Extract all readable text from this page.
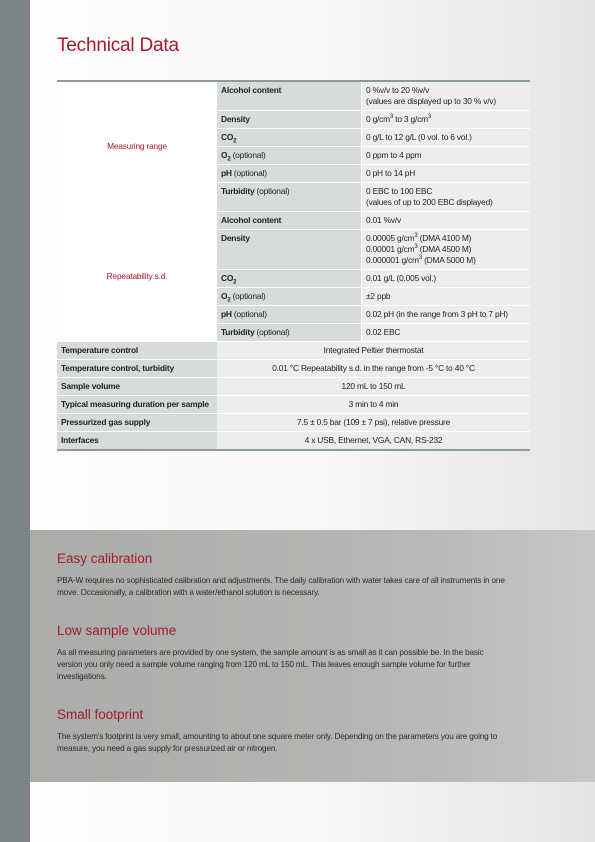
Technical Data
Measuring range	Alcohol content	0 %v/v to 20 %v/v
(values are displayed up to 30 % v/v)

	Density	0 $g/cm^3$ to 3 $g/cm^3$

	$CO_2$	0 g/L to 12 g/L (0 vol. to 6 vol.)

	$O_2$ (optional)	0 ppm to 4 ppm

	pH (optional)	0 pH to 14 pH

	Turbidity (optional)	0 EBC to 100 EBC
(values of up to 200 EBC displayed)

Repeatability s.d.	Alcohol content	0.01 %v/v

	Density	0.00005 $g/cm^3$ (DMA 4100 M)
0.00001 $g/cm^3$ (DMA 4500 M)
0.000001 $g/cm^3$ (DMA 5000 M)

	$CO_2$	0.01 g/L (0.005 vol.)

	$O_2$ (optional)	±2 ppb

	pH (optional)	0.02 pH (in the range from 3 pH to 7 pH)

	Turbidity (optional)	0.02 EBC

Temperature control	Integrated Peltier thermostat	
Temperature control, turbidity	0.01 °C Repeatability s.d. in the range from -5 °C to 40 °C	
Sample volume	120 mL to 150 mL	
Typical measuring duration per sample	3 min to 4 min	
Pressurized gas supply	7.5 ± 0.5 bar (109 ± 7 psi), relative pressure	
Interfaces	4 x USB, Ethernet, VGA, CAN, RS-232	
Easy calibration

PBA-W requires no sophisticated calibration and adjustments. The daily calibration with water takes care of all instruments in one move. Occasionally, a calibration with a water/ethanol solution is necessary.

Low sample volume

As all measuring parameters are provided by one system, the sample amount is as small as it can possible be. In the basic version you only need a sample volume ranging from 120 mL to 150 mL. This leaves enough sample volume for further investigations.

Small footprint

The system's footprint is very small, amounting to about one square meter only. Depending on the parameters you are going to measure, you need a gas supply for pressurized air or nitrogen.
